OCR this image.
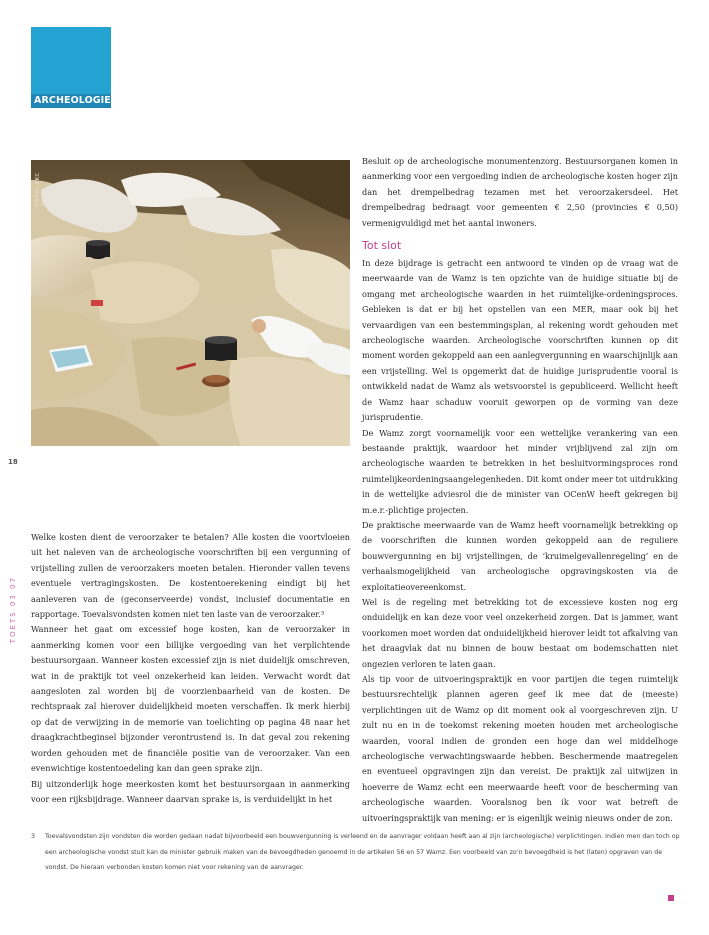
ARCHEOLOGIE
FOTO: SKC HU
18
TOETS 03 07

Welke kosten dient de veroorzaker te betalen? Alle kosten die voortvloeien uit het naleven van de archeologische voorschriften bij een vergunning of vrijstelling zullen de veroorzakers moeten betalen. Hieronder vallen tevens eventuele vertragingskosten. De kostentoerekening eindigt bij het aanleveren van de (geconserveerde) vondst, inclusief documentatie en rapportage. Toevalsvondsten komen niet ten laste van de veroorzaker.³

Wanneer het gaat om excessief hoge kosten, kan de veroorzaker in aanmerking komen voor een billijke vergoeding van het verplichtende bestuursorgaan. Wanneer kosten excessief zijn is niet duidelijk omschreven, wat in de praktijk tot veel onzekerheid kan leiden. Verwacht wordt dat aangesloten zal worden bij de voorzienbaarheid van de kosten. De rechtspraak zal hierover duidelijkheid moeten verschaffen. Ik merk hierbij op dat de verwijzing in de memorie van toelichting op pagina 48 naar het draagkrachtbeginsel bijzonder verontrustend is. In dat geval zou rekening worden gehouden met de financiële positie van de veroorzaker. Van een evenwichtige kostentoedeling kan dan geen sprake zijn.

Bij uitzonderlijk hoge meerkosten komt het bestuursorgaan in aanmerking voor een rijksbijdrage. Wanneer daarvan sprake is, is verduidelijkt in het

Besluit op de archeologische monumentenzorg. Bestuursorganen komen in aanmerking voor een vergoeding indien de archeologische kosten hoger zijn dan het drempelbedrag tezamen met het veroorzakersdeel. Het drempelbedrag bedraagt voor gemeenten € 2,50 (provincies € 0,50) vermenigvuldigd met het aantal inwoners.

Tot slot

In deze bijdrage is getracht een antwoord te vinden op de vraag wat de meerwaarde van de Wamz is ten opzichte van de huidige situatie bij de omgang met archeologische waarden in het ruimtelijke-ordeningsproces. Gebleken is dat er bij het opstellen van een MER, maar ook bij het vervaardigen van een bestemmingsplan, al rekening wordt gehouden met archeologische waarden. Archeologische voorschriften kunnen op dit moment worden gekoppeld aan een aanlegvergunning en waarschijnlijk aan een vrijstelling. Wel is opgemerkt dat de huidige jurisprudentie vooral is ontwikkeld nadat de Wamz als wetsvoorstel is gepubliceerd. Wellicht heeft de Wamz haar schaduw vooruit geworpen op de vorming van deze jurisprudentie.

De Wamz zorgt voornamelijk voor een wettelijke verankering van een bestaande praktijk, waardoor het minder vrijblijvend zal zijn om archeologische waarden te betrekken in het besluitvormingsproces rond ruimtelijkeordeningsaangelegenheden. Dit komt onder meer tot uitdrukking in de wettelijke adviesrol die de minister van OCenW heeft gekregen bij m.e.r.-plichtige projecten.

De praktische meerwaarde van de Wamz heeft voornamelijk betrekking op de voorschriften die kunnen worden gekoppeld aan de reguliere bouwvergunning en bij vrijstellingen, de ‘kruimelgevallenregeling’ en de verhaalsmogelijkheid van archeologische opgravingskosten via de exploitatieovereenkomst.

Wel is de regeling met betrekking tot de excessieve kosten nog erg onduidelijk en kan deze voor veel onzekerheid zorgen. Dat is jammer, want voorkomen moet worden dat onduidelijkheid hierover leidt tot afkalving van het draagvlak dat nu binnen de bouw bestaat om bodemschatten niet ongezien verloren te laten gaan.

Als tip voor de uitvoeringspraktijk en voor partijen die tegen ruimtelijk bestuursrechtelijk plannen ageren geef ik mee dat de (meeste) verplichtingen uit de Wamz op dit moment ook al voorgeschreven zijn. U zult nu en in de toekomst rekening moeten houden met archeologische waarden, vooral indien de gronden een hoge dan wel middelhoge archeologische verwachtingswaarde hebben. Beschermende maatregelen en eventueel opgravingen zijn dan vereist. De praktijk zal uitwijzen in hoeverre de Wamz echt een meerwaarde heeft voor de bescherming van archeologische waarden. Vooralsnog ben ik voor wat betreft de uitvoeringspraktijk van mening: er is eigenlijk weinig nieuws onder de zon.

3 Toevalsvondsten zijn vondsten die worden gedaan nadat bijvoorbeeld een bouwvergunning is verleend en de aanvrager voldaan heeft aan al zijn (archeologische) verplichtingen. Indien men dan toch op een archeologische vondst stuit kan de minister gebruik maken van de bevoegdheden genoemd in de artikelen 56 en 57 Wamz. Een voorbeeld van zo’n bevoegdheid is het (laten) opgraven van de vondst. De hieraan verbonden kosten komen niet voor rekening van de aanvrager.
